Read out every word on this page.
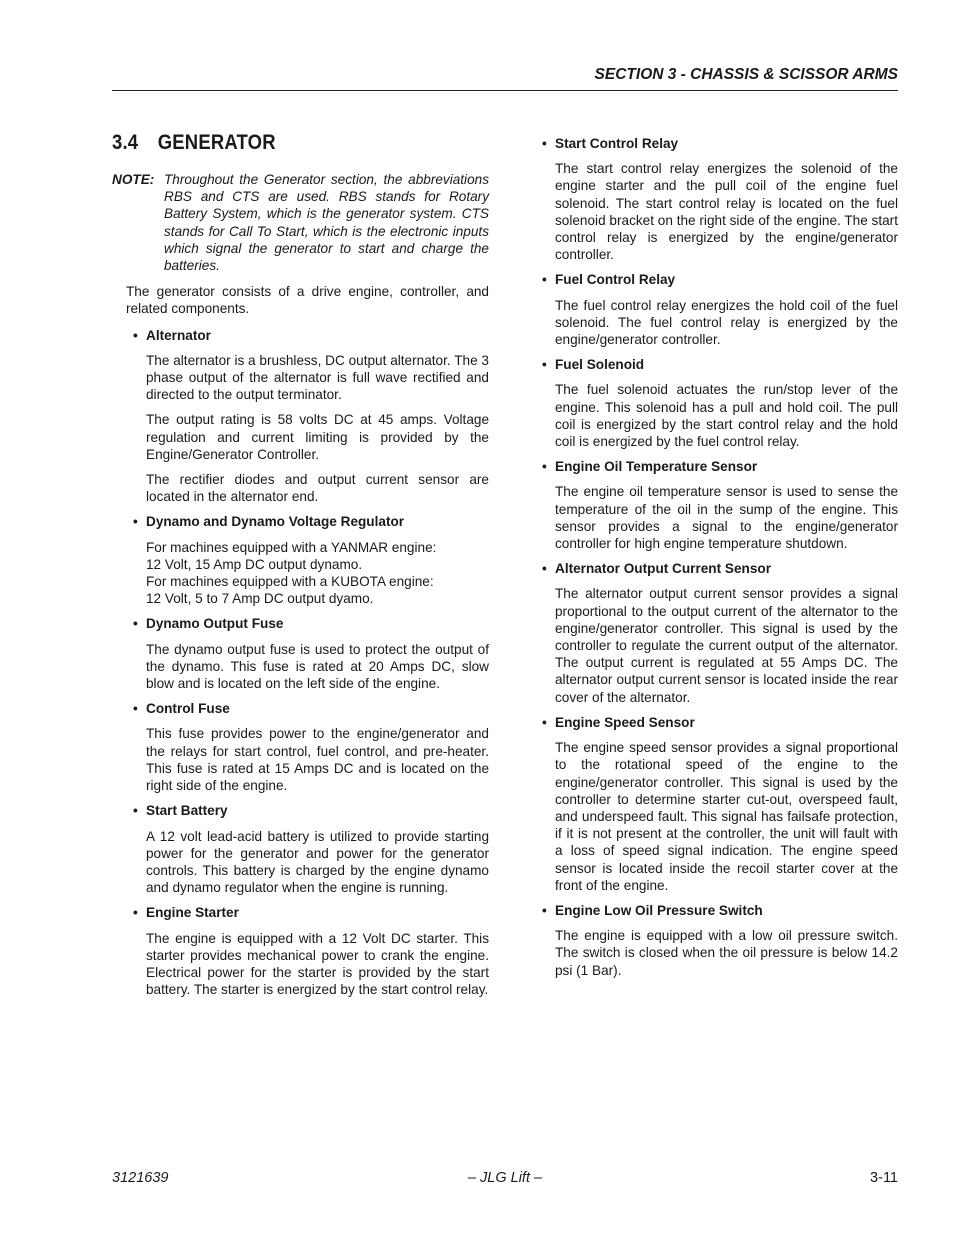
SECTION 3 - CHASSIS & SCISSOR ARMS
3.4 GENERATOR
NOTE: Throughout the Generator section, the abbreviations RBS and CTS are used. RBS stands for Rotary Battery System, which is the generator system. CTS stands for Call To Start, which is the electronic inputs which signal the generator to start and charge the batteries.
The generator consists of a drive engine, controller, and related components.
• Alternator
The alternator is a brushless, DC output alternator. The 3 phase output of the alternator is full wave rectified and directed to the output terminator.
The output rating is 58 volts DC at 45 amps. Voltage regulation and current limiting is provided by the Engine/Generator Controller.
The rectifier diodes and output current sensor are located in the alternator end.
• Dynamo and Dynamo Voltage Regulator
For machines equipped with a YANMAR engine:
12 Volt, 15 Amp DC output dynamo.
For machines equipped with a KUBOTA engine:
12 Volt, 5 to 7 Amp DC output dyamo.
• Dynamo Output Fuse
The dynamo output fuse is used to protect the output of the dynamo. This fuse is rated at 20 Amps DC, slow blow and is located on the left side of the engine.
• Control Fuse
This fuse provides power to the engine/generator and the relays for start control, fuel control, and pre-heater. This fuse is rated at 15 Amps DC and is located on the right side of the engine.
• Start Battery
A 12 volt lead-acid battery is utilized to provide starting power for the generator and power for the generator controls. This battery is charged by the engine dynamo and dynamo regulator when the engine is running.
• Engine Starter
The engine is equipped with a 12 Volt DC starter. This starter provides mechanical power to crank the engine. Electrical power for the starter is provided by the start battery. The starter is energized by the start control relay.
• Start Control Relay
The start control relay energizes the solenoid of the engine starter and the pull coil of the engine fuel solenoid. The start control relay is located on the fuel solenoid bracket on the right side of the engine. The start control relay is energized by the engine/generator controller.
• Fuel Control Relay
The fuel control relay energizes the hold coil of the fuel solenoid. The fuel control relay is energized by the engine/generator controller.
• Fuel Solenoid
The fuel solenoid actuates the run/stop lever of the engine. This solenoid has a pull and hold coil. The pull coil is energized by the start control relay and the hold coil is energized by the fuel control relay.
• Engine Oil Temperature Sensor
The engine oil temperature sensor is used to sense the temperature of the oil in the sump of the engine. This sensor provides a signal to the engine/generator controller for high engine temperature shutdown.
• Alternator Output Current Sensor
The alternator output current sensor provides a signal proportional to the output current of the alternator to the engine/generator controller. This signal is used by the controller to regulate the current output of the alternator. The output current is regulated at 55 Amps DC. The alternator output current sensor is located inside the rear cover of the alternator.
• Engine Speed Sensor
The engine speed sensor provides a signal proportional to the rotational speed of the engine to the engine/generator controller. This signal is used by the controller to determine starter cut-out, overspeed fault, and underspeed fault. This signal has failsafe protection, if it is not present at the controller, the unit will fault with a loss of speed signal indication. The engine speed sensor is located inside the recoil starter cover at the front of the engine.
• Engine Low Oil Pressure Switch
The engine is equipped with a low oil pressure switch. The switch is closed when the oil pressure is below 14.2 psi (1 Bar).
3121639	– JLG Lift –	3-11
